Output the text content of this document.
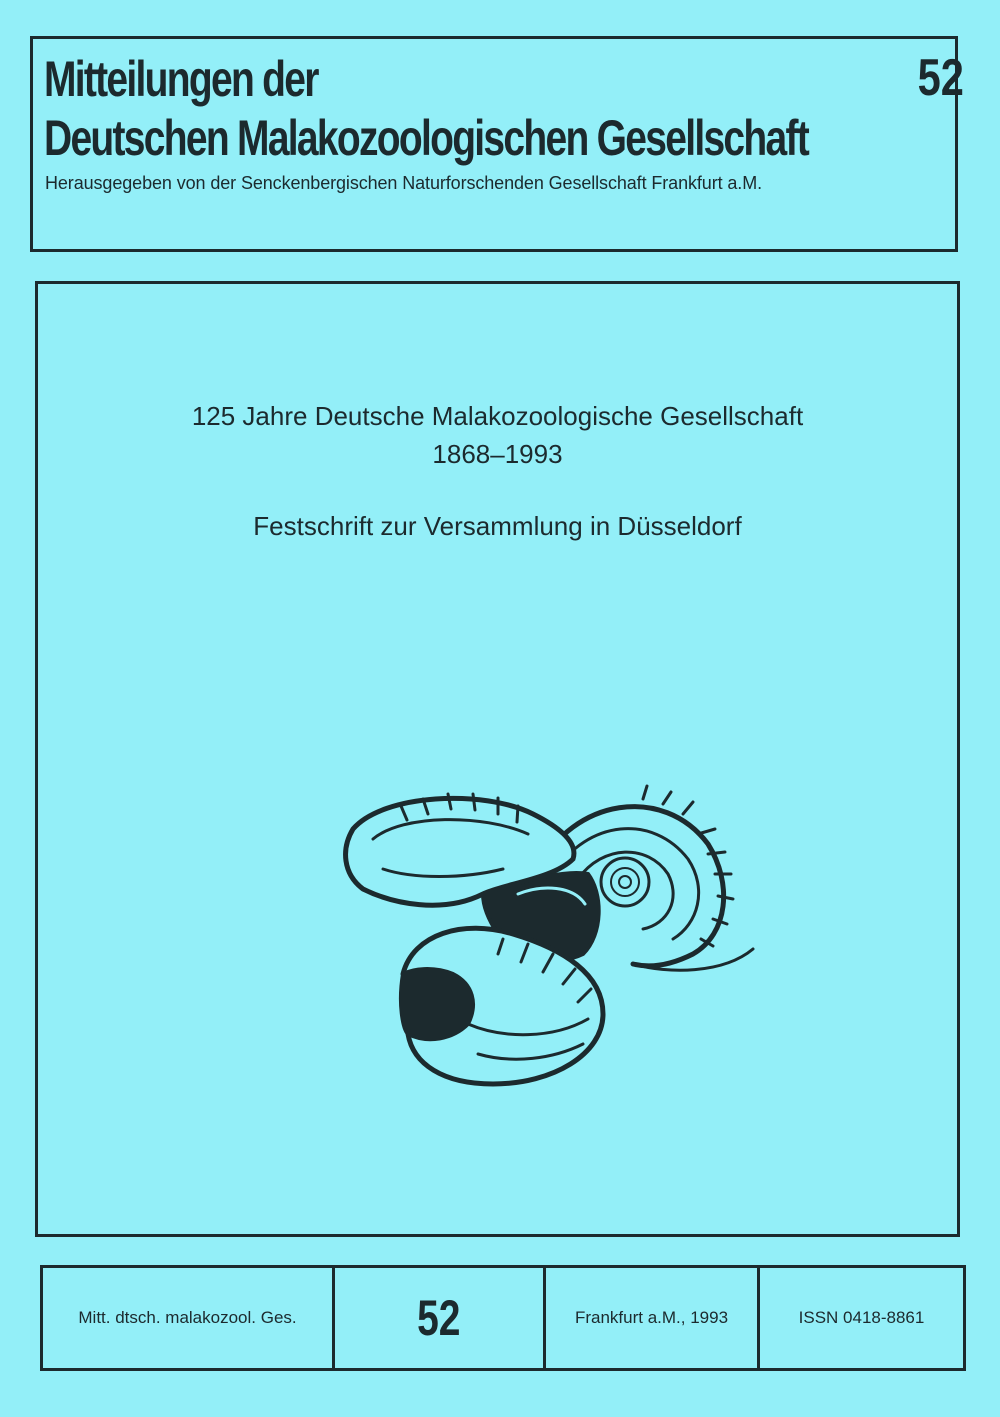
Mitteilungen der
Deutschen Malakozoologischen Gesellschaft
52
Herausgegeben von der Senckenbergischen Naturforschenden Gesellschaft Frankfurt a.M.
125 Jahre Deutsche Malakozoologische Gesellschaft
1868–1993
Festschrift zur Versammlung in Düsseldorf
Mitt. dtsch. malakozool. Ges.	52	Frankfurt a.M., 1993	ISSN 0418-8861
